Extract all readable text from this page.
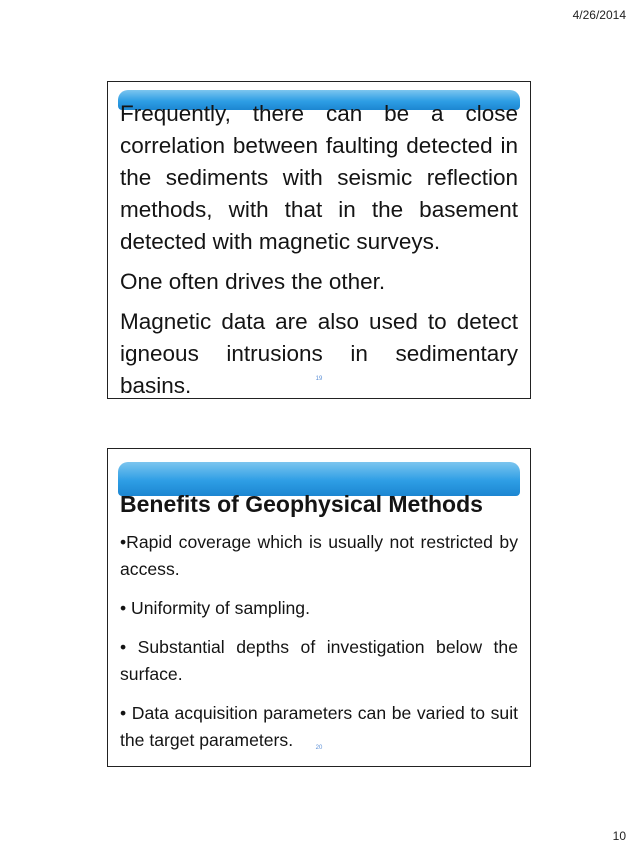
4/26/2014

Frequently, there can be a close correlation between faulting detected in the sediments with seismic reflection methods, with that in the basement detected with magnetic surveys.

One often drives the other.

Magnetic data are also used to detect igneous intrusions in sedimentary basins.	19

Benefits of Geophysical Methods

•Rapid coverage which is usually not restricted by access.

• Uniformity of sampling.

• Substantial depths of investigation below the surface.

• Data acquisition parameters can be varied to suit the target parameters.	20
10
